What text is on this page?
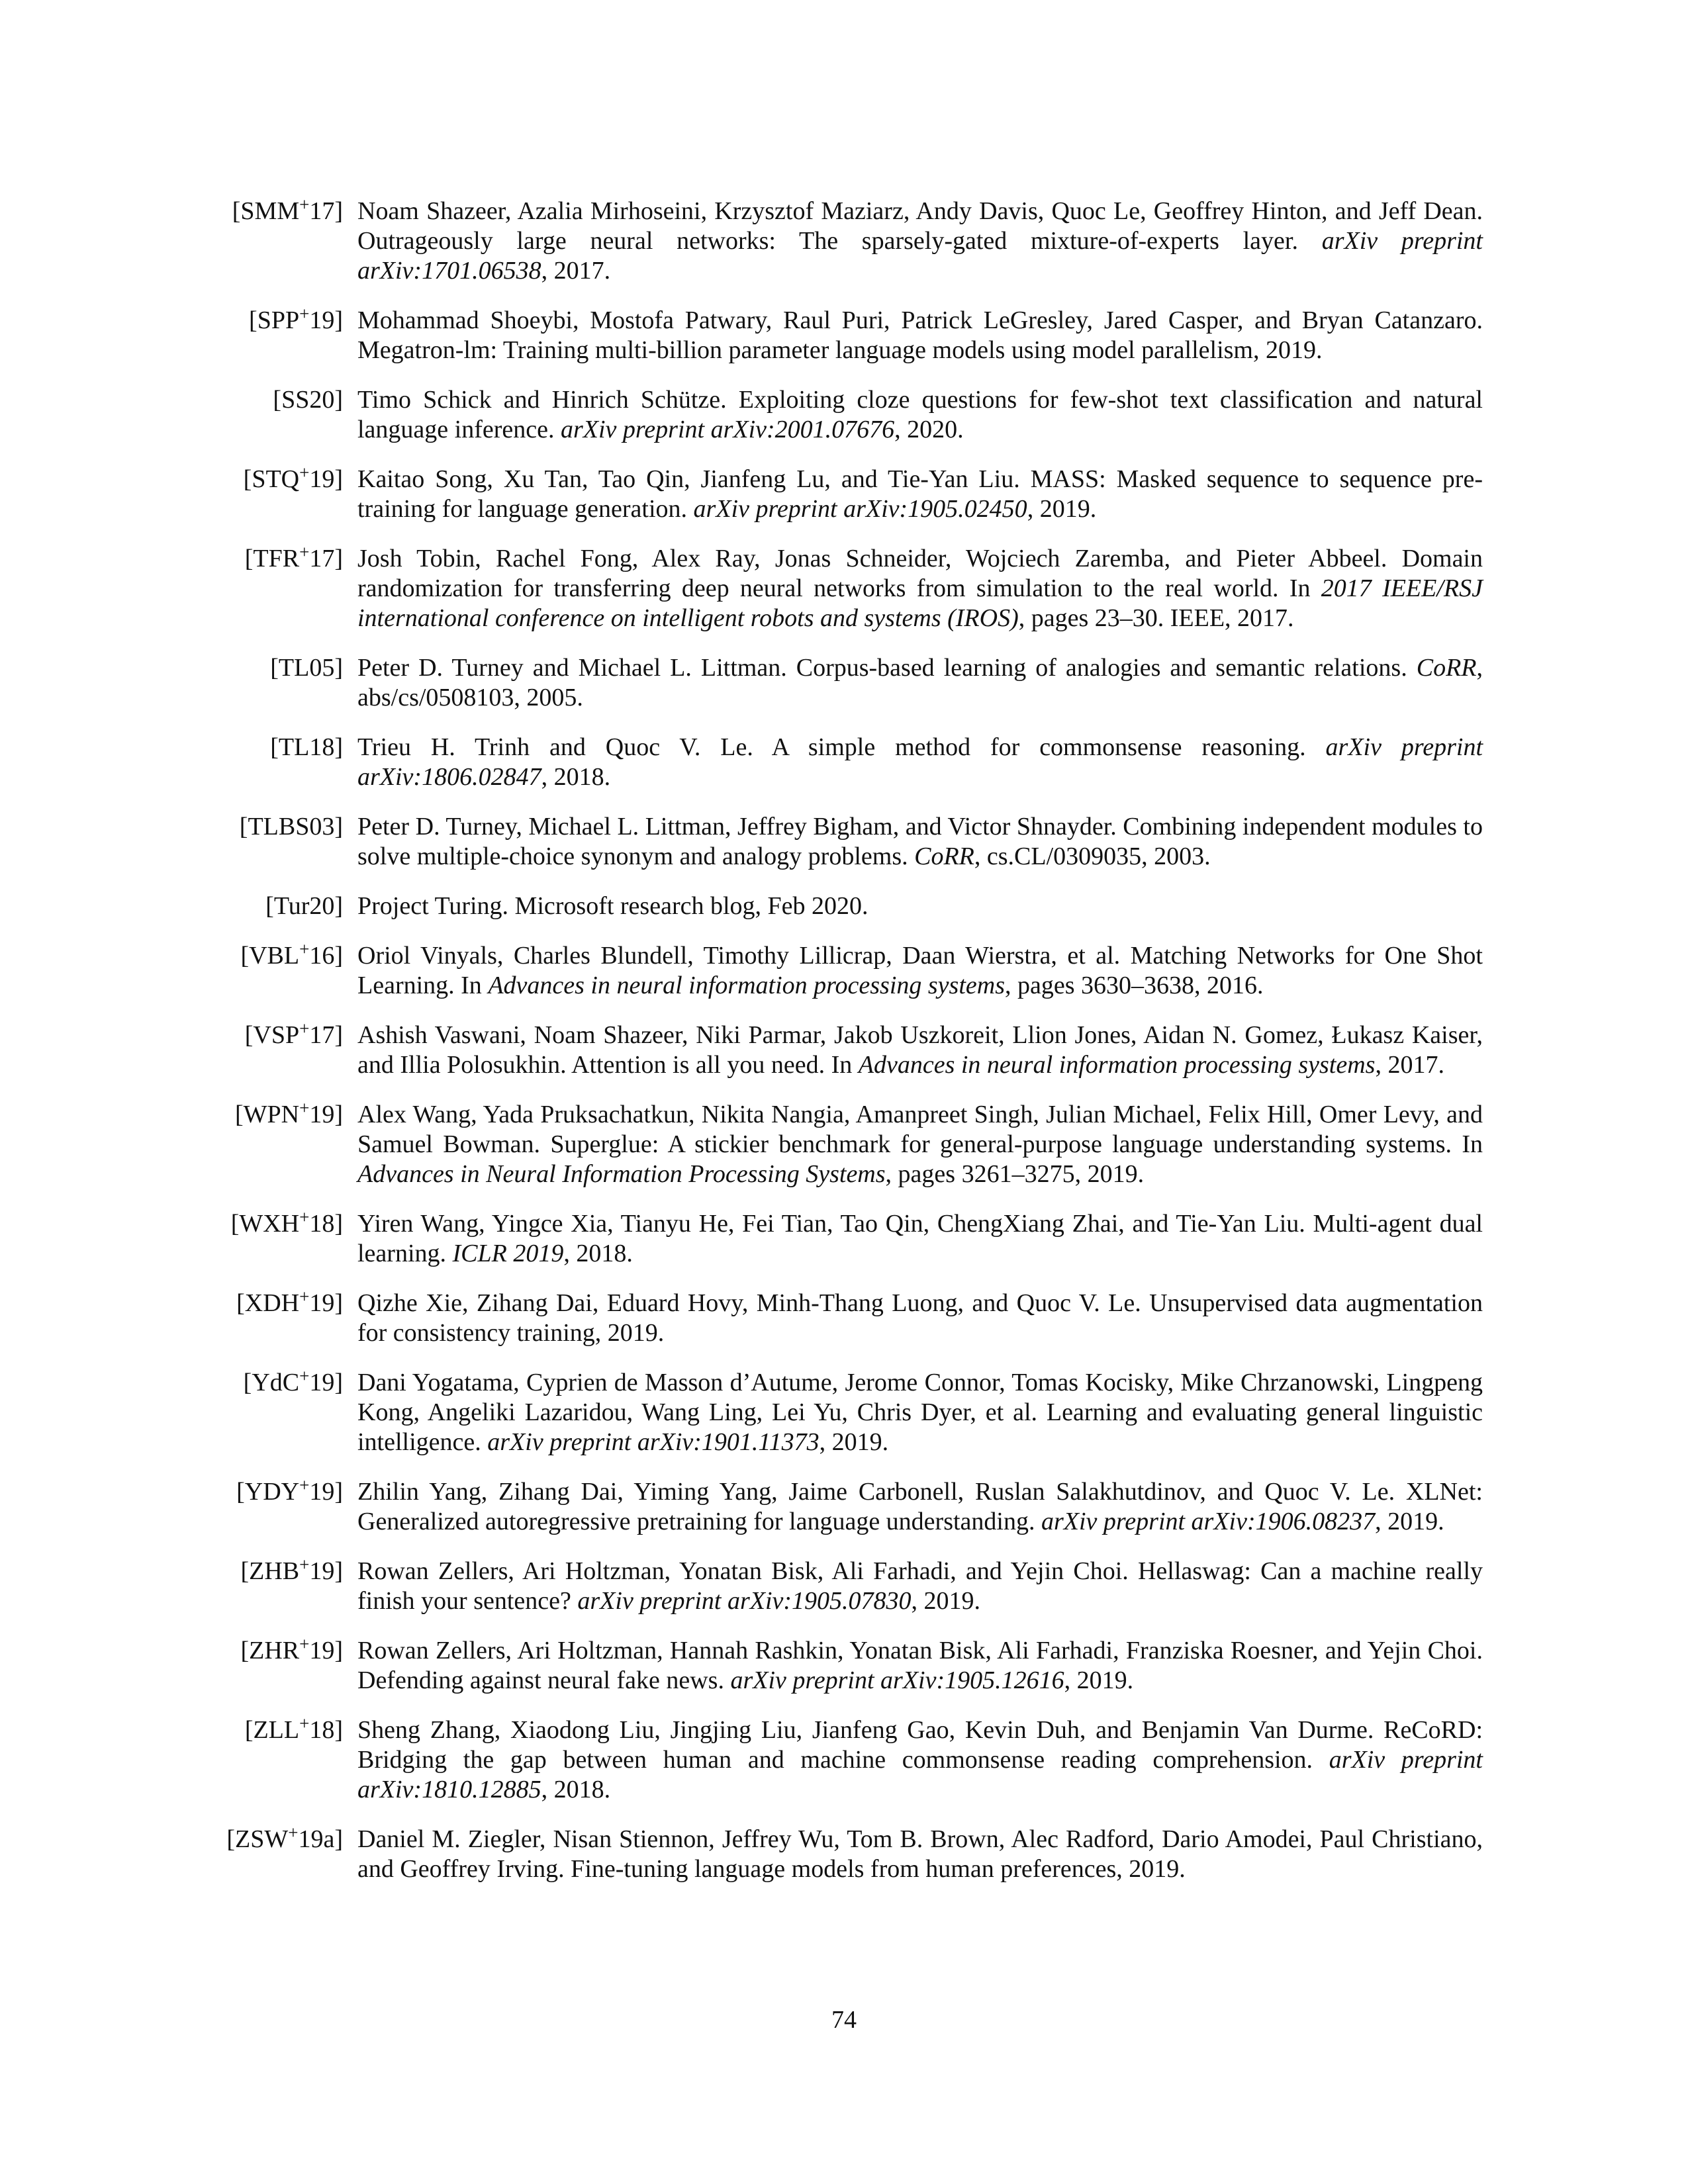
[SMM+17] Noam Shazeer, Azalia Mirhoseini, Krzysztof Maziarz, Andy Davis, Quoc Le, Geoffrey Hinton, and Jeff Dean. Outrageously large neural networks: The sparsely-gated mixture-of-experts layer. arXiv preprint arXiv:1701.06538, 2017.
[SPP+19] Mohammad Shoeybi, Mostofa Patwary, Raul Puri, Patrick LeGresley, Jared Casper, and Bryan Catanzaro. Megatron-lm: Training multi-billion parameter language models using model parallelism, 2019.
[SS20] Timo Schick and Hinrich Schütze. Exploiting cloze questions for few-shot text classification and natural language inference. arXiv preprint arXiv:2001.07676, 2020.
[STQ+19] Kaitao Song, Xu Tan, Tao Qin, Jianfeng Lu, and Tie-Yan Liu. MASS: Masked sequence to sequence pre-training for language generation. arXiv preprint arXiv:1905.02450, 2019.
[TFR+17] Josh Tobin, Rachel Fong, Alex Ray, Jonas Schneider, Wojciech Zaremba, and Pieter Abbeel. Domain randomization for transferring deep neural networks from simulation to the real world. In 2017 IEEE/RSJ international conference on intelligent robots and systems (IROS), pages 23–30. IEEE, 2017.
[TL05] Peter D. Turney and Michael L. Littman. Corpus-based learning of analogies and semantic relations. CoRR, abs/cs/0508103, 2005.
[TL18] Trieu H. Trinh and Quoc V. Le. A simple method for commonsense reasoning. arXiv preprint arXiv:1806.02847, 2018.
[TLBS03] Peter D. Turney, Michael L. Littman, Jeffrey Bigham, and Victor Shnayder. Combining independent modules to solve multiple-choice synonym and analogy problems. CoRR, cs.CL/0309035, 2003.
[Tur20] Project Turing. Microsoft research blog, Feb 2020.
[VBL+16] Oriol Vinyals, Charles Blundell, Timothy Lillicrap, Daan Wierstra, et al. Matching Networks for One Shot Learning. In Advances in neural information processing systems, pages 3630–3638, 2016.
[VSP+17] Ashish Vaswani, Noam Shazeer, Niki Parmar, Jakob Uszkoreit, Llion Jones, Aidan N. Gomez, Łukasz Kaiser, and Illia Polosukhin. Attention is all you need. In Advances in neural information processing systems, 2017.
[WPN+19] Alex Wang, Yada Pruksachatkun, Nikita Nangia, Amanpreet Singh, Julian Michael, Felix Hill, Omer Levy, and Samuel Bowman. Superglue: A stickier benchmark for general-purpose language understanding systems. In Advances in Neural Information Processing Systems, pages 3261–3275, 2019.
[WXH+18] Yiren Wang, Yingce Xia, Tianyu He, Fei Tian, Tao Qin, ChengXiang Zhai, and Tie-Yan Liu. Multi-agent dual learning. ICLR 2019, 2018.
[XDH+19] Qizhe Xie, Zihang Dai, Eduard Hovy, Minh-Thang Luong, and Quoc V. Le. Unsupervised data augmentation for consistency training, 2019.
[YdC+19] Dani Yogatama, Cyprien de Masson d’Autume, Jerome Connor, Tomas Kocisky, Mike Chrzanowski, Lingpeng Kong, Angeliki Lazaridou, Wang Ling, Lei Yu, Chris Dyer, et al. Learning and evaluating general linguistic intelligence. arXiv preprint arXiv:1901.11373, 2019.
[YDY+19] Zhilin Yang, Zihang Dai, Yiming Yang, Jaime Carbonell, Ruslan Salakhutdinov, and Quoc V. Le. XLNet: Generalized autoregressive pretraining for language understanding. arXiv preprint arXiv:1906.08237, 2019.
[ZHB+19] Rowan Zellers, Ari Holtzman, Yonatan Bisk, Ali Farhadi, and Yejin Choi. Hellaswag: Can a machine really finish your sentence? arXiv preprint arXiv:1905.07830, 2019.
[ZHR+19] Rowan Zellers, Ari Holtzman, Hannah Rashkin, Yonatan Bisk, Ali Farhadi, Franziska Roesner, and Yejin Choi. Defending against neural fake news. arXiv preprint arXiv:1905.12616, 2019.
[ZLL+18] Sheng Zhang, Xiaodong Liu, Jingjing Liu, Jianfeng Gao, Kevin Duh, and Benjamin Van Durme. ReCoRD: Bridging the gap between human and machine commonsense reading comprehension. arXiv preprint arXiv:1810.12885, 2018.
[ZSW+19a] Daniel M. Ziegler, Nisan Stiennon, Jeffrey Wu, Tom B. Brown, Alec Radford, Dario Amodei, Paul Christiano, and Geoffrey Irving. Fine-tuning language models from human preferences, 2019.
74
